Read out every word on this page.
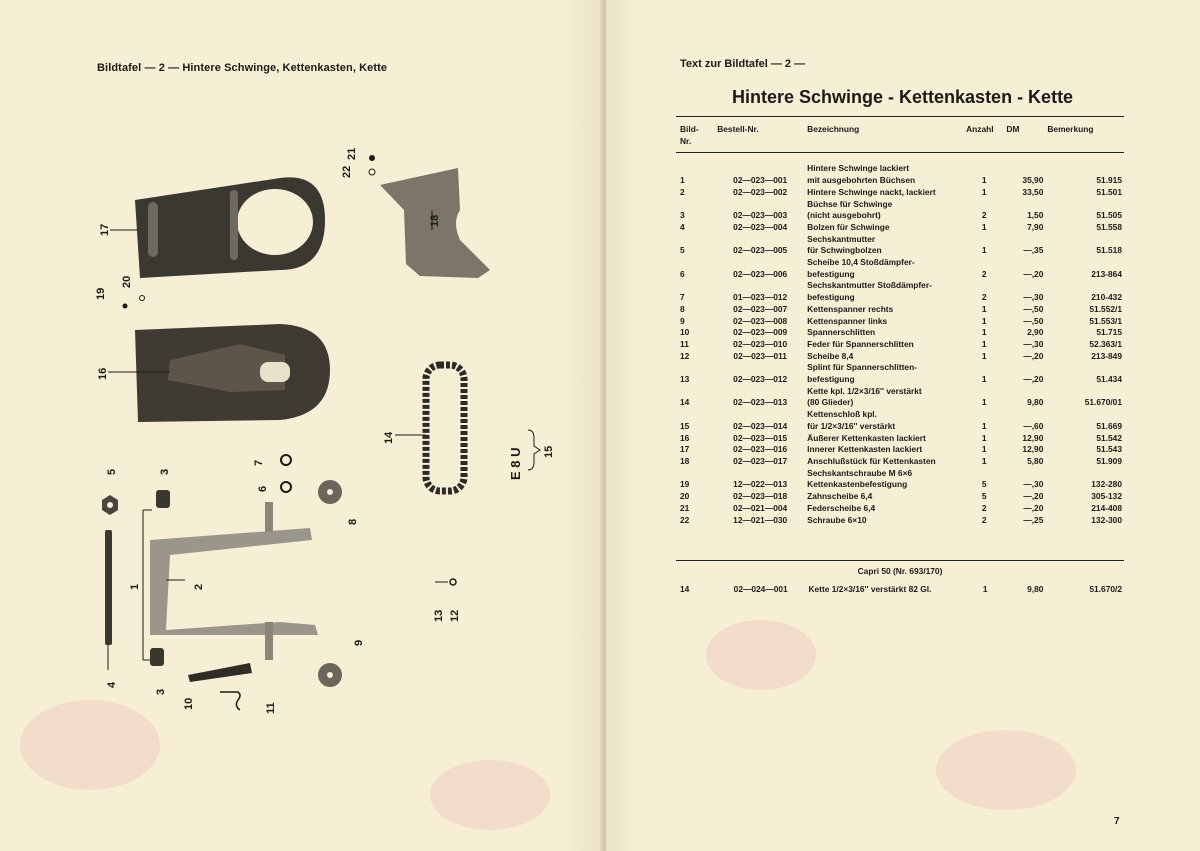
Bildtafel — 2 — Hintere Schwinge, Kettenkasten, Kette
17
18
19
20
21
22
16
14
E 8 U 15
5	3
7
6
8
1	2
4
3
10	11
13 12
9
Text zur Bildtafel — 2 —
Hintere Schwinge - Kettenkasten - Kette
Bild-
Nr.	Bestell-Nr.	Bezeichnung	Anzahl	DM	Bemerkung

1	02—023—001	Hintere Schwinge lackiert
mit ausgebohrten Büchsen	1	35,90	51.915
2	02—023—002	Hintere Schwinge nackt, lackiert	1	33,50	51.501
3	02—023—003	Büchse für Schwinge
(nicht ausgebohrt)	2	1,50	51.505
4	02—023—004	Bolzen für Schwinge	1	7,90	51.558
5	02—023—005	Sechskantmutter
für Schwingbolzen	1	—,35	51.518
6	02—023—006	Scheibe 10,4 Stoßdämpfer-
befestigung	2	—,20	213-864
7	01—023—012	Sechskantmutter Stoßdämpfer-
befestigung	2	—,30	210-432
8	02—023—007	Kettenspanner rechts	1	—,50	51.552/1
9	02—023—008	Kettenspanner links	1	—,50	51.553/1
10	02—023—009	Spannerschlitten	1	2,90	51.715
11	02—023—010	Feder für Spannerschlitten	1	—,30	52.363/1
12	02—023—011	Scheibe 8,4	1	—,20	213-849
13	02—023—012	Splint für Spannerschlitten-
befestigung	1	—,20	51.434
14	02—023—013	Kette kpl. 1/2×3/16'' verstärkt
(80 Glieder)	1	9,80	51.670/01
15	02—023—014	Kettenschloß kpl.
für 1/2×3/16'' verstärkt	1	—,60	51.669
16	02—023—015	Äußerer Kettenkasten lackiert	1	12,90	51.542
17	02—023—016	Innerer Kettenkasten lackiert	1	12,90	51.543
18	02—023—017	Anschlußstück für Kettenkasten	1	5,80	51.909
19	12—022—013	Sechskantschraube M 6×6
Kettenkastenbefestigung	5	—,30	132-280
20	02—023—018	Zahnscheibe 6,4	5	—,20	305-132
21	02—021—004	Federscheibe 6,4	2	—,20	214-408
22	12—021—030	Schraube 6×10	2	—,25	132-300
Capri 50 (Nr. 693/170)
14	02—024—001	Kette 1/2×3/16'' verstärkt 82 Gl.	1	9,80	51.670/2
7
